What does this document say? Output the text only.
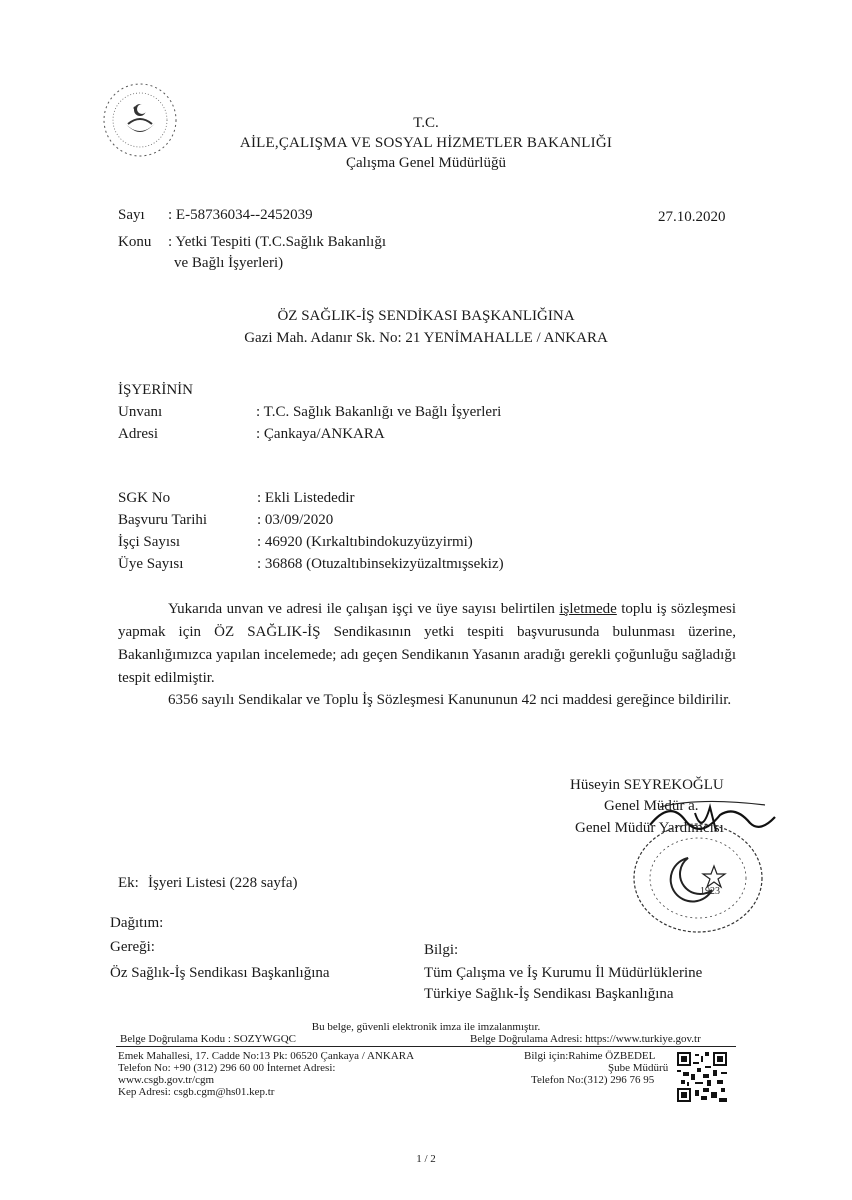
T.C.
AİLE,ÇALIŞMA VE SOSYAL HİZMETLER BAKANLIĞI
Çalışma Genel Müdürlüğü
Sayı : E-58736034--2452039	27.10.2020
Konu : Yetki Tespiti (T.C.Sağlık Bakanlığı
ve Bağlı İşyerleri)
ÖZ SAĞLIK-İŞ SENDİKASI BAŞKANLIĞINA
Gazi Mah. Adanır Sk. No: 21 YENİMAHALLE / ANKARA
İŞYERİNİN
Unvanı	: T.C. Sağlık Bakanlığı ve Bağlı İşyerleri
Adresi	: Çankaya/ANKARA
SGK No	: Ekli Listededir
Başvuru Tarihi	: 03/09/2020
İşçi Sayısı	: 46920 (Kırkaltıbindokuzyüzyirmi)
Üye Sayısı	: 36868 (Otuzaltıbinsekizyüzaltmışsekiz)
Yukarıda unvan ve adresi ile çalışan işçi ve üye sayısı belirtilen işletmede toplu iş sözleşmesi yapmak için ÖZ SAĞLIK-İŞ Sendikasının yetki tespiti başvurusunda bulunması üzerine, Bakanlığımızca yapılan incelemede; adı geçen Sendikanın Yasanın aradığı gerekli çoğunluğu sağladığı tespit edilmiştir.
6356 sayılı Sendikalar ve Toplu İş Sözleşmesi Kanununun 42 nci maddesi gereğince bildirilir.
Hüseyin SEYREKOĞLU
Genel Müdür a.
Genel Müdür Yardımcısı
1923
Ek: İşyeri Listesi (228 sayfa)
Dağıtım:
Gereği:
Öz Sağlık-İş Sendikası Başkanlığına
Bilgi:
Tüm Çalışma ve İş Kurumu İl Müdürlüklerine
Türkiye Sağlık-İş Sendikası Başkanlığına
Bu belge, güvenli elektronik imza ile imzalanmıştır.
Belge Doğrulama Kodu : SOZYWGQC	Belge Doğrulama Adresi: https://www.turkiye.gov.tr
Emek Mahallesi, 17. Cadde No:13 Pk: 06520 Çankaya / ANKARA
Telefon No: +90 (312) 296 60 00 İnternet Adresi:
www.csgb.gov.tr/cgm
Kep Adresi: csgb.cgm@hs01.kep.tr
Bilgi için:Rahime ÖZBEDEL
Şube Müdürü
Telefon No:(312) 296 76 95
1 / 2
